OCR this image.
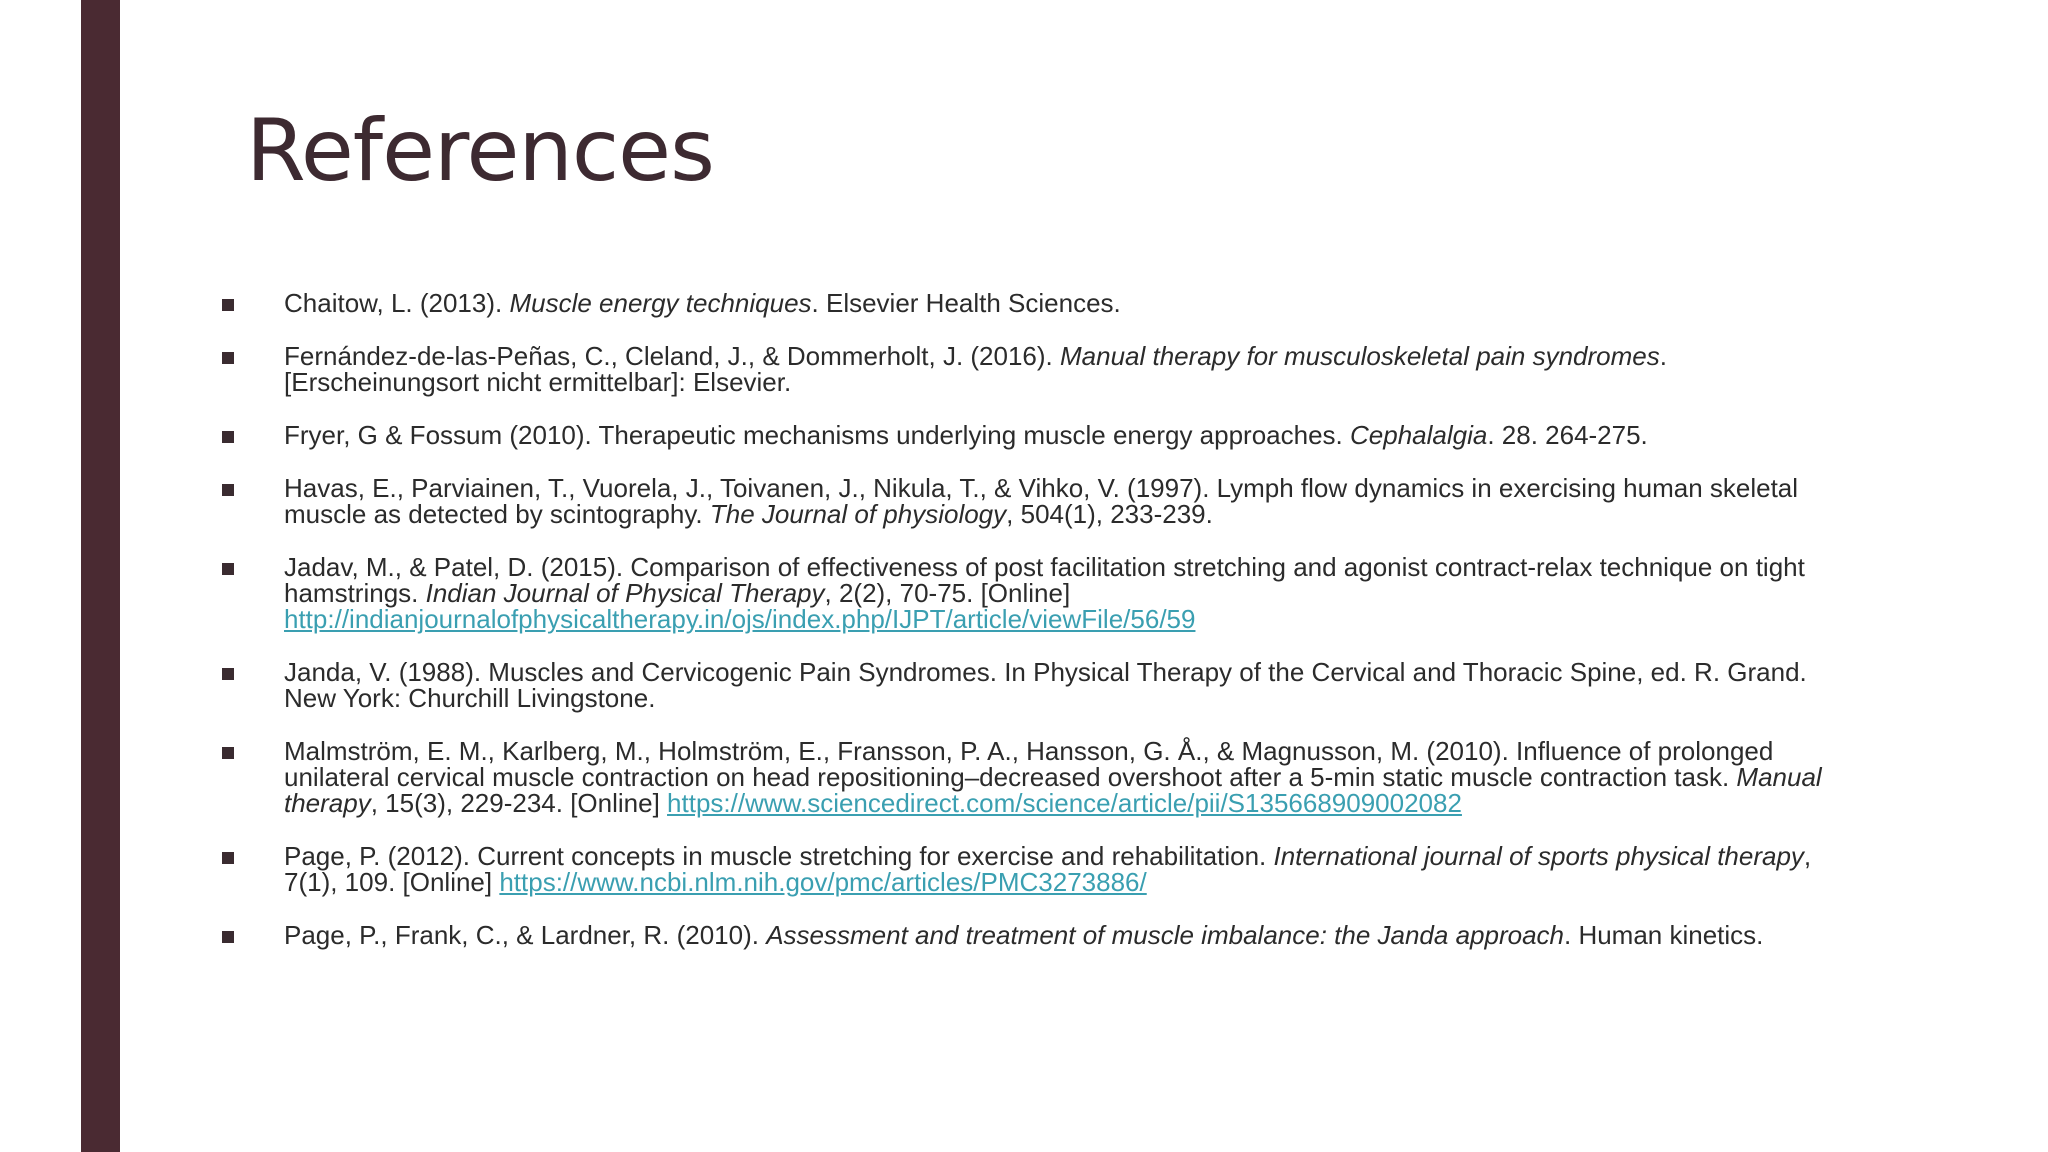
References
Chaitow, L. (2013). Muscle energy techniques. Elsevier Health Sciences.
Fernández-de-las-Peñas, C., Cleland, J., & Dommerholt, J. (2016). Manual therapy for musculoskeletal pain syndromes. [Erscheinungsort nicht ermittelbar]: Elsevier.
Fryer, G & Fossum (2010). Therapeutic mechanisms underlying muscle energy approaches. Cephalalgia. 28. 264-275.
Havas, E., Parviainen, T., Vuorela, J., Toivanen, J., Nikula, T., & Vihko, V. (1997). Lymph flow dynamics in exercising human skeletal muscle as detected by scintography. The Journal of physiology, 504(1), 233-239.
Jadav, M., & Patel, D. (2015). Comparison of effectiveness of post facilitation stretching and agonist contract-relax technique on tight hamstrings. Indian Journal of Physical Therapy, 2(2), 70-75. [Online] http://indianjournalofphysicaltherapy.in/ojs/index.php/IJPT/article/viewFile/56/59
Janda, V. (1988). Muscles and Cervicogenic Pain Syndromes. In Physical Therapy of the Cervical and Thoracic Spine, ed. R. Grand. New York: Churchill Livingstone.
Malmström, E. M., Karlberg, M., Holmström, E., Fransson, P. A., Hansson, G. Å., & Magnusson, M. (2010). Influence of prolonged unilateral cervical muscle contraction on head repositioning–decreased overshoot after a 5-min static muscle contraction task. Manual therapy, 15(3), 229-234. [Online] https://www.sciencedirect.com/science/article/pii/S135668909002082
Page, P. (2012). Current concepts in muscle stretching for exercise and rehabilitation. International journal of sports physical therapy, 7(1), 109. [Online] https://www.ncbi.nlm.nih.gov/pmc/articles/PMC3273886/
Page, P., Frank, C., & Lardner, R. (2010). Assessment and treatment of muscle imbalance: the Janda approach. Human kinetics.
